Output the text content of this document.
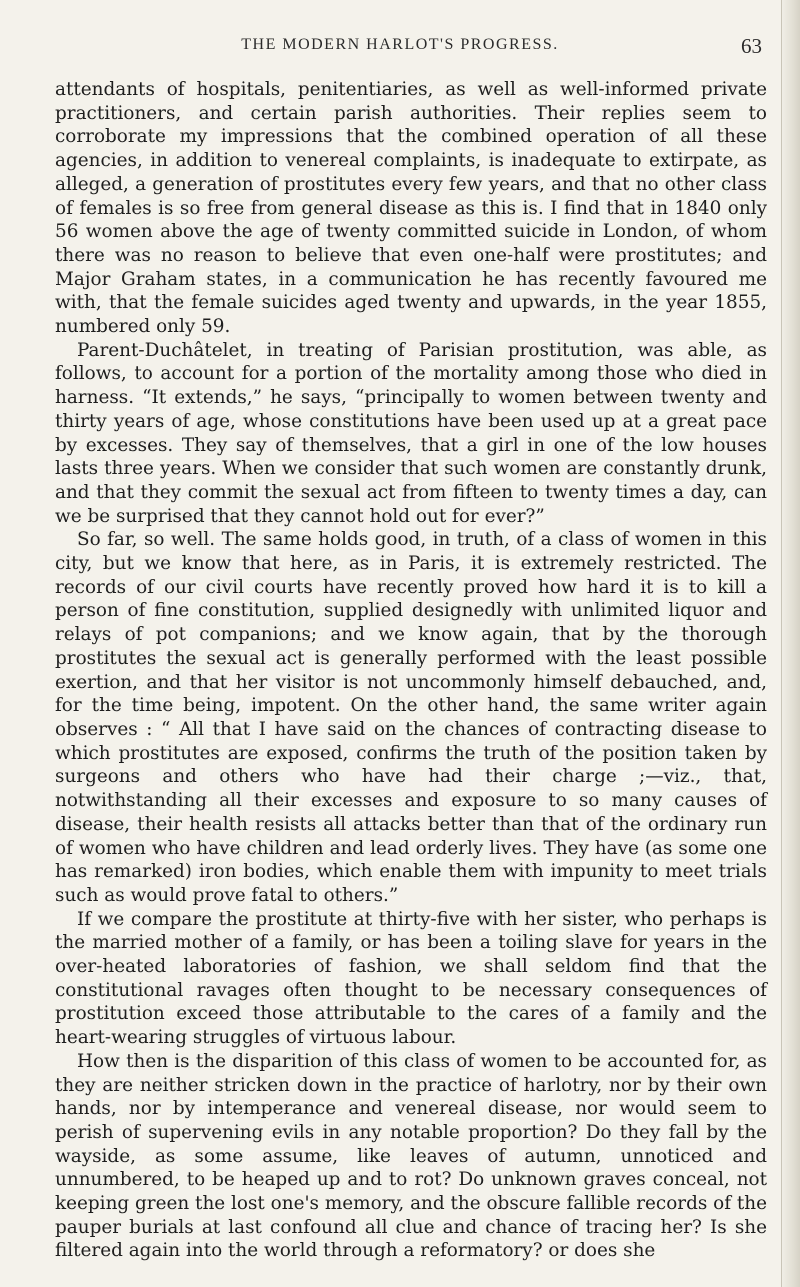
THE MODERN HARLOT'S PROGRESS.	63

attendants of hospitals, penitentiaries, as well as well-informed private practitioners, and certain parish authorities. Their replies seem to corroborate my impressions that the combined operation of all these agencies, in addition to venereal complaints, is inadequate to extirpate, as alleged, a generation of prostitutes every few years, and that no other class of females is so free from general disease as this is. I find that in 1840 only 56 women above the age of twenty committed suicide in London, of whom there was no reason to believe that even one-half were prostitutes; and Major Graham states, in a communication he has recently favoured me with, that the female suicides aged twenty and upwards, in the year 1855, numbered only 59.

Parent-Duchâtelet, in treating of Parisian prostitution, was able, as follows, to account for a portion of the mortality among those who died in harness. “It extends,” he says, “principally to women between twenty and thirty years of age, whose constitutions have been used up at a great pace by excesses. They say of themselves, that a girl in one of the low houses lasts three years. When we consider that such women are constantly drunk, and that they commit the sexual act from fifteen to twenty times a day, can we be surprised that they cannot hold out for ever?”

So far, so well. The same holds good, in truth, of a class of women in this city, but we know that here, as in Paris, it is extremely restricted. The records of our civil courts have recently proved how hard it is to kill a person of fine constitution, supplied designedly with unlimited liquor and relays of pot companions; and we know again, that by the thorough prostitutes the sexual act is generally performed with the least possible exertion, and that her visitor is not uncommonly himself debauched, and, for the time being, impotent. On the other hand, the same writer again observes : “ All that I have said on the chances of contracting disease to which prostitutes are exposed, confirms the truth of the position taken by surgeons and others who have had their charge ;—viz., that, notwithstanding all their excesses and exposure to so many causes of disease, their health resists all attacks better than that of the ordinary run of women who have children and lead orderly lives. They have (as some one has remarked) iron bodies, which enable them with impunity to meet trials such as would prove fatal to others.”

If we compare the prostitute at thirty-five with her sister, who perhaps is the married mother of a family, or has been a toiling slave for years in the over-heated laboratories of fashion, we shall seldom find that the constitutional ravages often thought to be necessary consequences of prostitution exceed those attributable to the cares of a family and the heart-wearing struggles of virtuous labour.

How then is the disparition of this class of women to be accounted for, as they are neither stricken down in the practice of harlotry, nor by their own hands, nor by intemperance and venereal disease, nor would seem to perish of supervening evils in any notable proportion? Do they fall by the wayside, as some assume, like leaves of autumn, unnoticed and unnumbered, to be heaped up and to rot? Do unknown graves conceal, not keeping green the lost one's memory, and the obscure fallible records of the pauper burials at last confound all clue and chance of tracing her? Is she filtered again into the world through a reformatory? or does she
